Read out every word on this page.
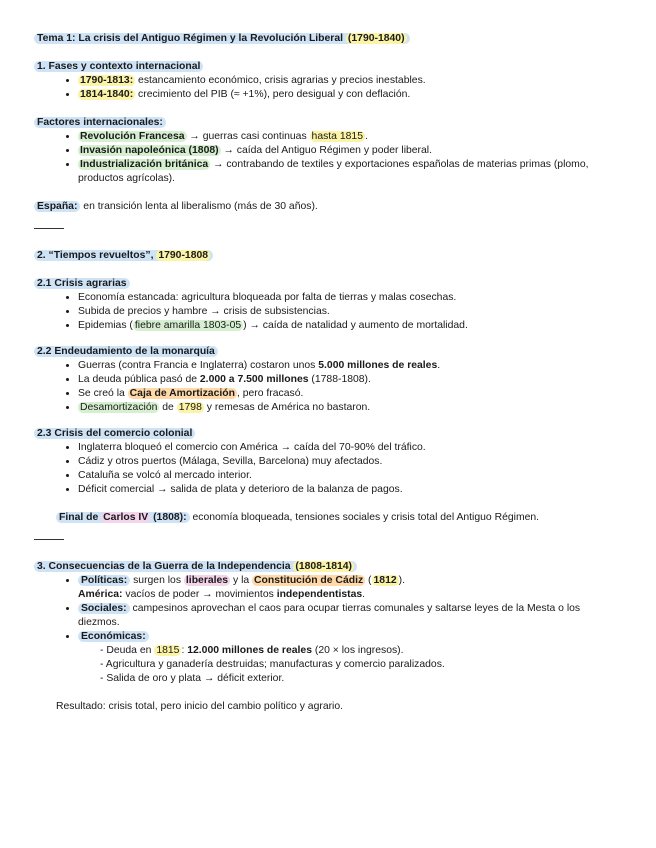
Tema 1: La crisis del Antiguo Régimen y la Revolución Liberal (1790-1840)

1. Fases y contexto internacional
• 1790-1813: estancamiento económico, crisis agrarias y precios inestables.
• 1814-1840: crecimiento del PIB (≈ +1%), pero desigual y con deflación.
Factores internacionales:
• Revolución Francesa → guerras casi continuas hasta 1815 .
• Invasión napoleónica (1808) → caída del Antiguo Régimen y poder liberal.
• Industrialización británica → contrabando de textiles y exportaciones españolas de materias primas (plomo, productos agrícolas).

España: en transición lenta al liberalismo (más de 30 años).

2. “Tiempos revueltos”, 1790-1808
2.1 Crisis agrarias
• Economía estancada: agricultura bloqueada por falta de tierras y malas cosechas.
• Subida de precios y hambre → crisis de subsistencias.
• Epidemias ( fiebre amarilla 1803-05 ) → caída de natalidad y aumento de mortalidad.
2.2 Endeudamiento de la monarquía
• Guerras (contra Francia e Inglaterra) costaron unos 5.000 millones de reales.
• La deuda pública pasó de 2.000 a 7.500 millones (1788-1808).
• Se creó la Caja de Amortización , pero fracasó.
• Desamortización de 1798 y remesas de América no bastaron.
2.3 Crisis del comercio colonial
• Inglaterra bloqueó el comercio con América → caída del 70-90% del tráfico.
• Cádiz y otros puertos (Málaga, Sevilla, Barcelona) muy afectados.
• Cataluña se volcó al mercado interior.
• Déficit comercial → salida de plata y deterioro de la balanza de pagos.

Final de Carlos IV (1808): economía bloqueada, tensiones sociales y crisis total del Antiguo Régimen.

3. Consecuencias de la Guerra de la Independencia (1808-1814)
• Políticas: surgen los liberales y la Constitución de Cádiz ( 1812 ).
América: vacíos de poder → movimientos independentistas.
• Sociales: campesinos aprovechan el caos para ocupar tierras comunales y saltarse leyes de la Mesta o los diezmos.
• Económicas:
- Deuda en 1815 : 12.000 millones de reales (20 × los ingresos).
- Agricultura y ganadería destruidas; manufacturas y comercio paralizados.
- Salida de oro y plata → déficit exterior.

Resultado: crisis total, pero inicio del cambio político y agrario.
